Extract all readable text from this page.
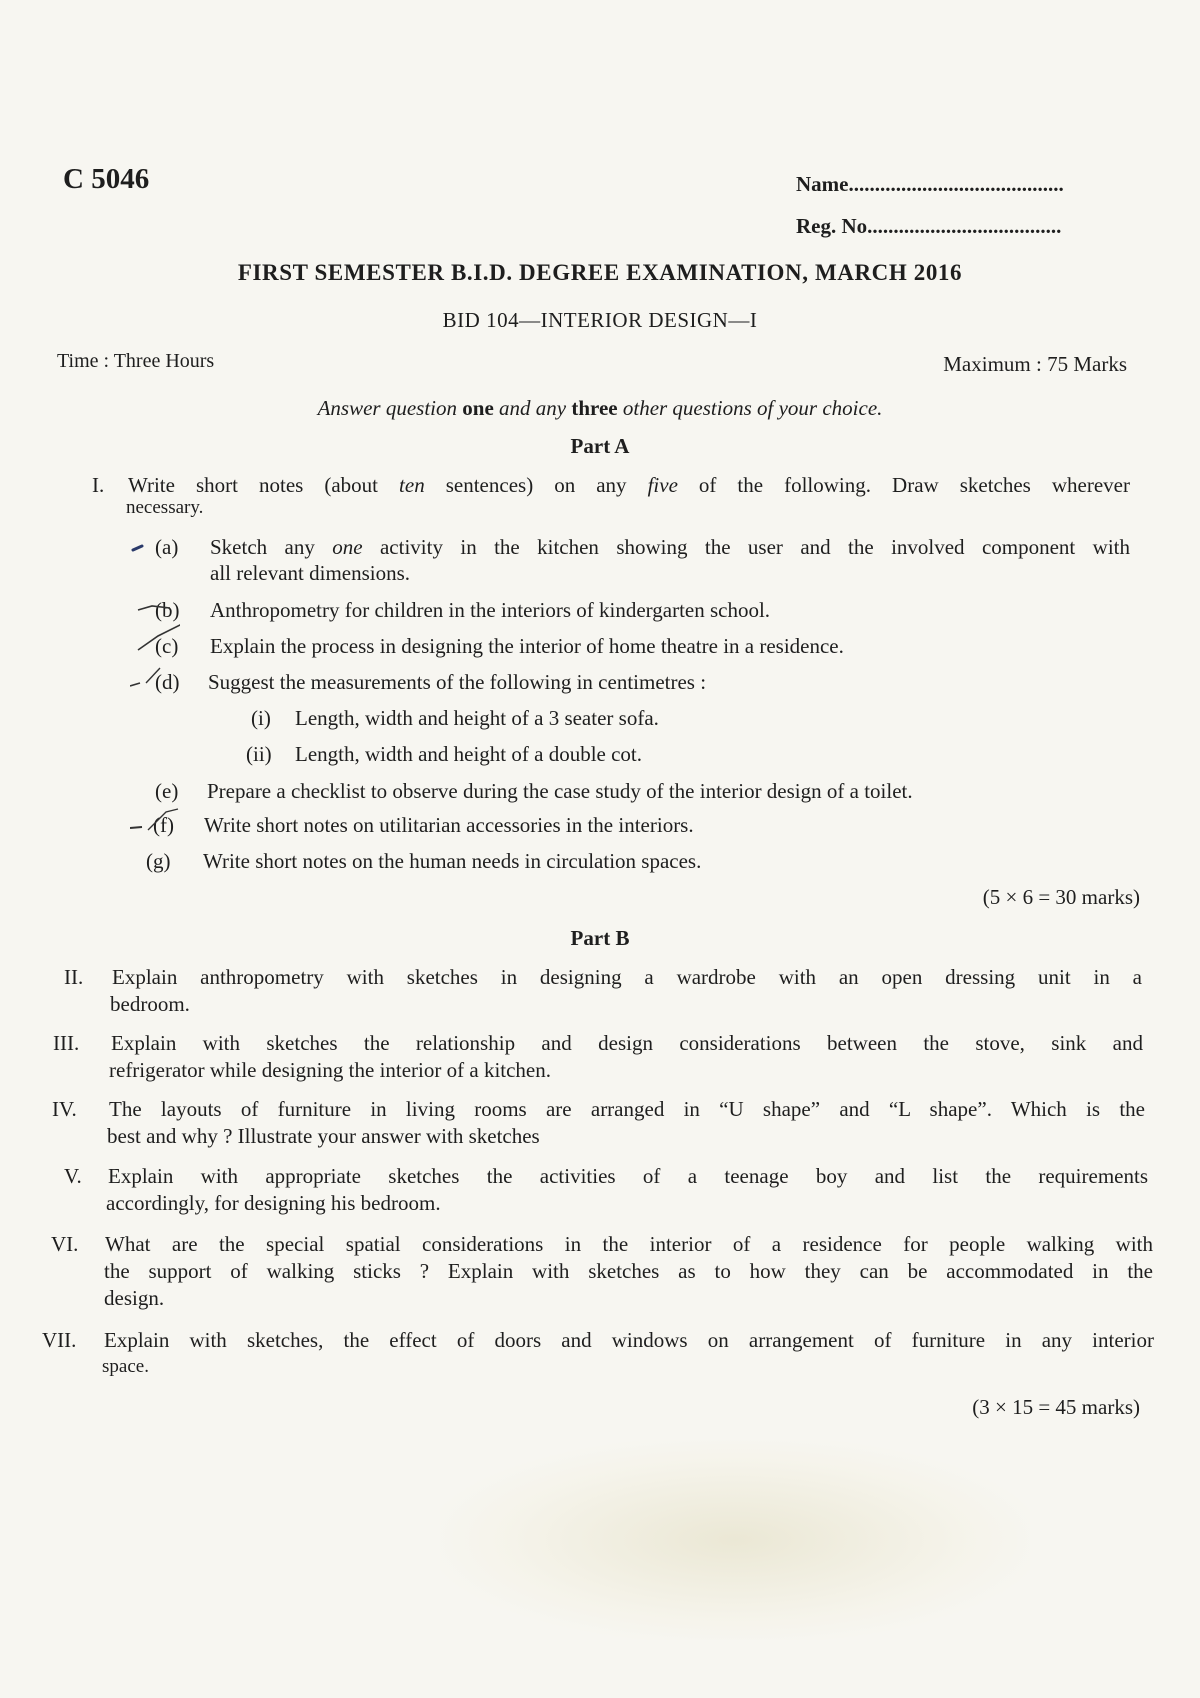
C 5046	Name.........................................
Reg. No.....................................
FIRST SEMESTER B.I.D. DEGREE EXAMINATION, MARCH 2016
BID 104—INTERIOR DESIGN—I
Time : Three Hours	Maximum : 75 Marks
Answer question one and any three other questions of your choice.
Part A
I. Write short notes (about ten sentences) on any five of the following. Draw sketches wherever
necessary.
(a) Sketch any one activity in the kitchen showing the user and the involved component with
all relevant dimensions.
(b) Anthropometry for children in the interiors of kindergarten school.
(c) Explain the process in designing the interior of home theatre in a residence.
(d) Suggest the measurements of the following in centimetres :
(i) Length, width and height of a 3 seater sofa.
(ii) Length, width and height of a double cot.
(e) Prepare a checklist to observe during the case study of the interior design of a toilet.
(f) Write short notes on utilitarian accessories in the interiors.
(g) Write short notes on the human needs in circulation spaces.
(5 × 6 = 30 marks)
Part B
II. Explain anthropometry with sketches in designing a wardrobe with an open dressing unit in a
bedroom.
III. Explain with sketches the relationship and design considerations between the stove, sink and
refrigerator while designing the interior of a kitchen.
IV. The layouts of furniture in living rooms are arranged in “U shape” and “L shape”. Which is the
best and why ? Illustrate your answer with sketches
V. Explain with appropriate sketches the activities of a teenage boy and list the requirements
accordingly, for designing his bedroom.
VI. What are the special spatial considerations in the interior of a residence for people walking with
the support of walking sticks ? Explain with sketches as to how they can be accommodated in the
design.
VII. Explain with sketches, the effect of doors and windows on arrangement of furniture in any interior
space.
(3 × 15 = 45 marks)
